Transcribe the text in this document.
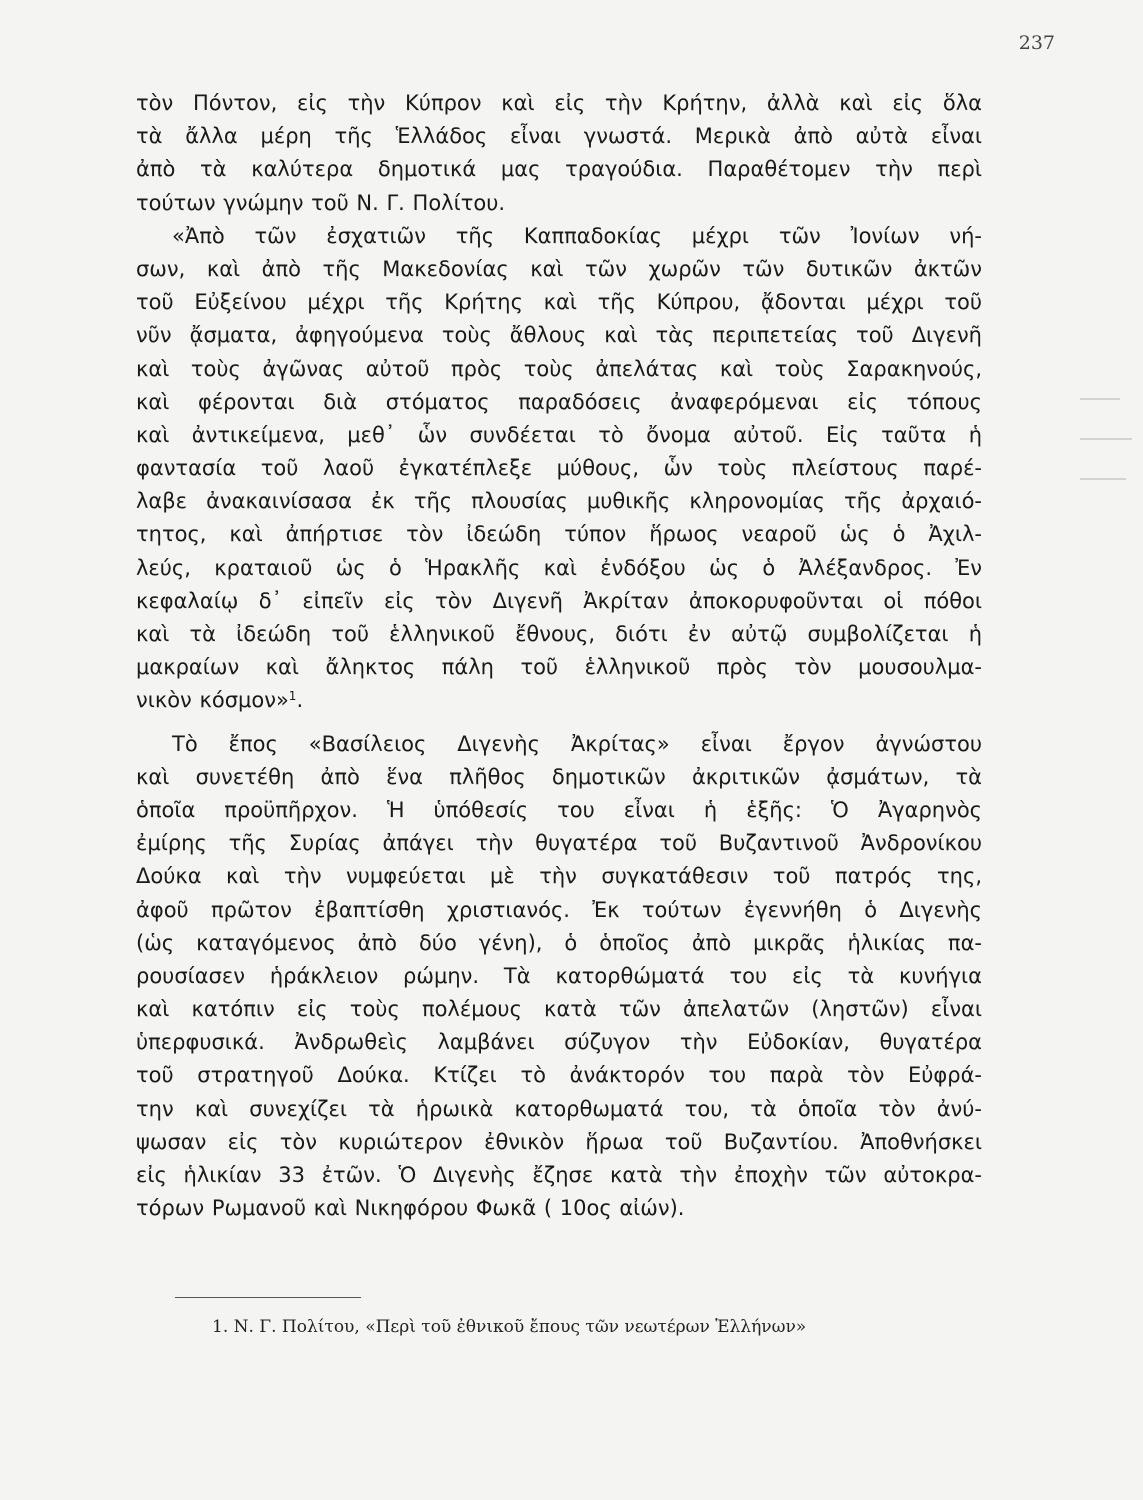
237
τὸν Πόντον, εἰς τὴν Κύπρον καὶ εἰς τὴν Κρήτην, ἀλλὰ καὶ εἰς ὅλα
τὰ ἄλλα μέρη τῆς Ἑλλάδος εἶναι γνωστά. Μερικὰ ἀπὸ αὐτὰ εἶναι
ἀπὸ τὰ καλύτερα δημοτικά μας τραγούδια. Παραθέτομεν τὴν περὶ
τούτων γνώμην τοῦ Ν. Γ. Πολίτου.
«Ἀπὸ τῶν ἐσχατιῶν τῆς Καππαδοκίας μέχρι τῶν Ἰονίων νή-
σων, καὶ ἀπὸ τῆς Μακεδονίας καὶ τῶν χωρῶν τῶν δυτικῶν ἀκτῶν
τοῦ Εὐξείνου μέχρι τῆς Κρήτης καὶ τῆς Κύπρου, ᾄδονται μέχρι τοῦ
νῦν ᾄσματα, ἀφηγούμενα τοὺς ἄθλους καὶ τὰς περιπετείας τοῦ Διγενῆ
καὶ τοὺς ἀγῶνας αὐτοῦ πρὸς τοὺς ἀπελάτας καὶ τοὺς Σαρακηνούς,
καὶ φέρονται διὰ στόματος παραδόσεις ἀναφερόμεναι εἰς τόπους
καὶ ἀντικείμενα, μεθ᾽ ὧν συνδέεται τὸ ὄνομα αὐτοῦ. Εἰς ταῦτα ἡ
φαντασία τοῦ λαοῦ ἐγκατέπλεξε μύθους, ὧν τοὺς πλείστους παρέ-
λαβε ἀνακαινίσασα ἐκ τῆς πλουσίας μυθικῆς κληρονομίας τῆς ἀρχαιό-
τητος, καὶ ἀπήρτισε τὸν ἰδεώδη τύπον ἥρωος νεαροῦ ὡς ὁ Ἀχιλ-
λεύς, κραταιοῦ ὡς ὁ Ἡρακλῆς καὶ ἐνδόξου ὡς ὁ Ἀλέξανδρος. Ἐν
κεφαλαίῳ δ᾽ εἰπεῖν εἰς τὸν Διγενῆ Ἀκρίταν ἀποκορυφοῦνται οἱ πόθοι
καὶ τὰ ἰδεώδη τοῦ ἑλληνικοῦ ἔθνους, διότι ἐν αὐτῷ συμβολίζεται ἡ
μακραίων καὶ ἄληκτος πάλη τοῦ ἑλληνικοῦ πρὸς τὸν μουσουλμα-
νικὸν κόσμον»$^1$.
Τὸ ἔπος «Βασίλειος Διγενὴς Ἀκρίτας» εἶναι ἔργον ἀγνώστου
καὶ συνετέθη ἀπὸ ἕνα πλῆθος δημοτικῶν ἀκριτικῶν ᾀσμάτων, τὰ
ὁποῖα προϋπῆρχον. Ἡ ὑπόθεσίς του εἶναι ἡ ἑξῆς: Ὁ Ἀγαρηνὸς
ἐμίρης τῆς Συρίας ἀπάγει τὴν θυγατέρα τοῦ Βυζαντινοῦ Ἀνδρονίκου
Δούκα καὶ τὴν νυμφεύεται μὲ τὴν συγκατάθεσιν τοῦ πατρός της,
ἀφοῦ πρῶτον ἐβαπτίσθη χριστιανός. Ἐκ τούτων ἐγεννήθη ὁ Διγενὴς
(ὡς καταγόμενος ἀπὸ δύο γένη), ὁ ὁποῖος ἀπὸ μικρᾶς ἡλικίας πα-
ρουσίασεν ἡράκλειον ρώμην. Τὰ κατορθώματά του εἰς τὰ κυνήγια
καὶ κατόπιν εἰς τοὺς πολέμους κατὰ τῶν ἀπελατῶν (ληστῶν) εἶναι
ὑπερφυσικά. Ἀνδρωθεὶς λαμβάνει σύζυγον τὴν Εὐδοκίαν, θυγατέρα
τοῦ στρατηγοῦ Δούκα. Κτίζει τὸ ἀνάκτορόν του παρὰ τὸν Εὐφρά-
την καὶ συνεχίζει τὰ ἡρωικὰ κατορθωματά του, τὰ ὁποῖα τὸν ἀνύ-
ψωσαν εἰς τὸν κυριώτερον ἐθνικὸν ἥρωα τοῦ Βυζαντίου. Ἀποθνήσκει
εἰς ἡλικίαν 33 ἐτῶν. Ὁ Διγενὴς ἔζησε κατὰ τὴν ἐποχὴν τῶν αὐτοκρα-
τόρων Ρωμανοῦ καὶ Νικηφόρου Φωκᾶ ( 10ος αἰών).
1. Ν. Γ. Πολίτου, «Περὶ τοῦ ἐθνικοῦ ἔπους τῶν νεωτέρων Ἑλλήνων»
